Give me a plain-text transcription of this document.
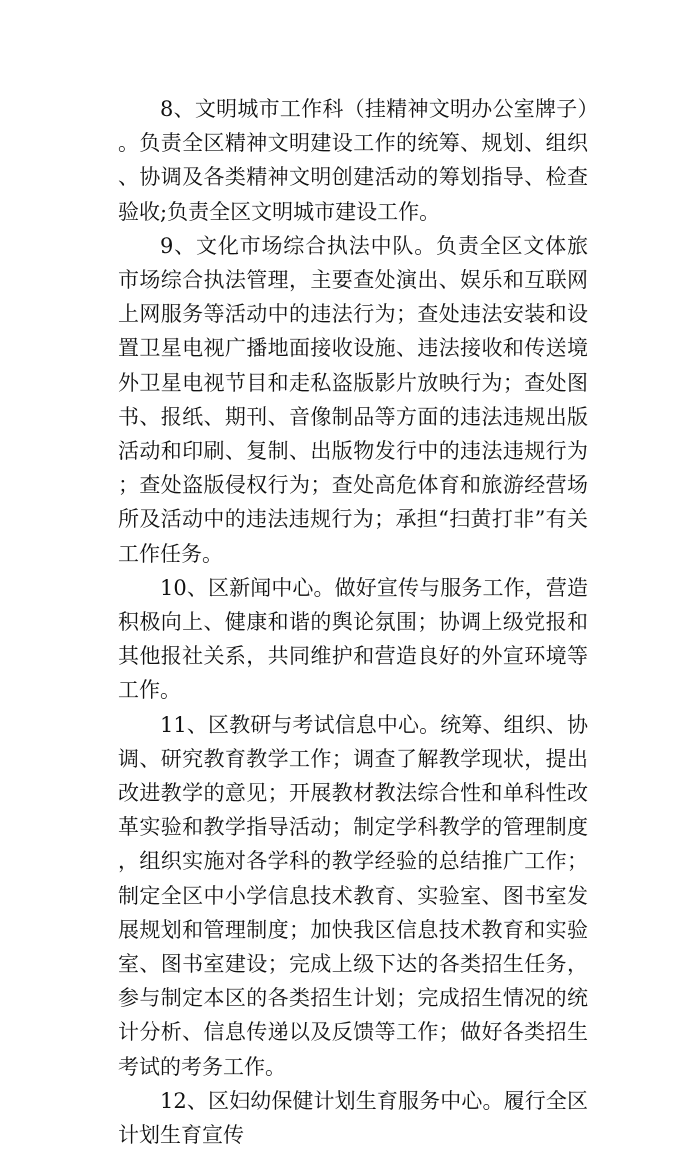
8、文明城市工作科（挂精神文明办公室牌子）。负责全区精神文明建设工作的统筹、规划、组织、协调及各类精神文明创建活动的筹划指导、检查验收;负责全区文明城市建设工作。

9、文化市场综合执法中队。负责全区文体旅市场综合执法管理，主要查处演出、娱乐和互联网上网服务等活动中的违法行为；查处违法安装和设置卫星电视广播地面接收设施、违法接收和传送境外卫星电视节目和走私盗版影片放映行为；查处图书、报纸、期刊、音像制品等方面的违法违规出版活动和印刷、复制、出版物发行中的违法违规行为；查处盗版侵权行为；查处高危体育和旅游经营场所及活动中的违法违规行为；承担“扫黄打非”有关工作任务。

10、区新闻中心。做好宣传与服务工作，营造积极向上、健康和谐的舆论氛围；协调上级党报和其他报社关系，共同维护和营造良好的外宣环境等工作。

11、区教研与考试信息中心。统筹、组织、协调、研究教育教学工作；调查了解教学现状，提出改进教学的意见；开展教材教法综合性和单科性改革实验和教学指导活动；制定学科教学的管理制度，组织实施对各学科的教学经验的总结推广工作；制定全区中小学信息技术教育、实验室、图书室发展规划和管理制度；加快我区信息技术教育和实验室、图书室建设；完成上级下达的各类招生任务，参与制定本区的各类招生计划；完成招生情况的统计分析、信息传递以及反馈等工作；做好各类招生考试的考务工作。

12、区妇幼保健计划生育服务中心。履行全区计划生育宣传
